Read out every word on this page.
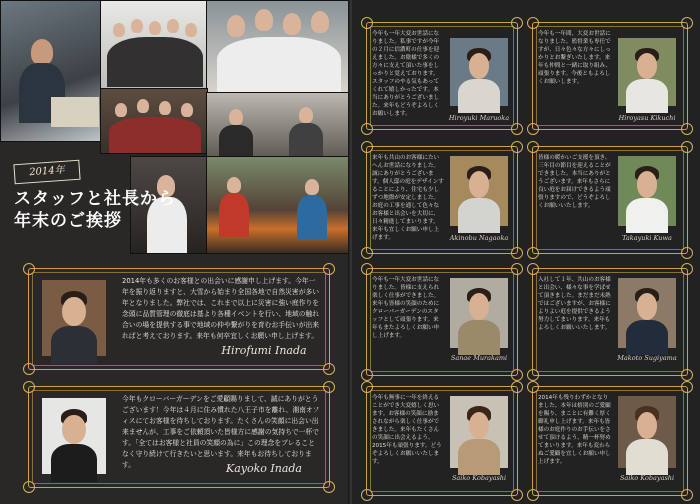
2014年
スタッフと社長から
年末のご挨拶
2014年も多くのお客様との出会いに感謝申し上げます。今年一年を振り返りますと、大雪から始まり全国各地で自然災害が多い年となりました。弊社では、これまで以上に災害に強い庭作りを念頭に品質管理の徹底は基より各種イベントを行い、地域の触れ合いの場を提供する事で地域の仲や繋がりを育むお手伝いが出来ればと考えております。来年も何卒宜しくお願い申し上げます。
Hirofumi Inada
今年もクローバーガーデンをご愛顧賜りまして、誠にありがとうございます！今年は４月に住み慣れた八王子市を離れ、湘南オフィスにてお客様を待ちしております。たくさんの笑顔に出会い出来ませんが、工事をご依頼頂いた皆様方に感謝の気持ちで一杯です。「全てはお客様と社員の笑顔の為に」この理念をブレることなく守り続けて行きたいと思います。来年もお待ちしております。	Kayoko Inada
今年も一年大変お世話になりました。私事ですが今年の２月に信濃町の仕事を迎えました。お陰様で多くの方々に支えて頂いた事をしっかりと覚えております。スタッフのやる気もあってくれて嬉しかったです。本当にありがとうございました。来年もどうぞよろしくお願いします。	Hiroyuki Maruoka
今年も一年間、大変お世話になりました。監督業も専任ですが、日々色々な方々にしっかりとお繋ぎいたします。来年も仲間と一緒に取り組み、頑張ります。今後ともよろしくお願いします。
Hiroyasu Kikuchi
来年も共山のお客様にたいへんお世話になりました。誠にありがとうございます。個人邸の庭をデザインすることにより、住宅も少しずつ地盤が安定しました。お庭の工事を通して色々なお客様と出会いを大切に、日々精進してまいります。来年も宜しくお願い申し上げます。	Akinobu Nagaoka
皆様の暖かいご支援を頂き、三年目の節目を迎えることができました。本当にありがとうございます。来年もさらに良い庭をお届けできるよう頑張りますので、どうぞよろしくお願いいたします。
Takayuki Kuwa
今年も一年大変お世話になりました。皆様に支えられ楽しく仕事ができました。来年も皆様の笑顔のためにクローバーガーデンのスタッフとして頑張ります。来年もまたよろしくお願い申し上げます。
Sanae Murakami
入社して１年、共山のお客様と出会い、様々な事を学ばせて頂きました。まだまだ未熟ではございますが、お客様によりよい庭を提供できるよう努力してまいります。来年もよろしくお願いいたします。
Makoto Sugiyama
今年も無事に一年を終えることができ大変嬉しく思います。お客様の笑顔に励まされながら楽しく仕事ができました。来年もたくさんの笑顔に出会えるよう、2015年も頑張ります。どうぞよろしくお願いいたします。
Saiko Kobayashi
2014年も残りわずかとなりました。本年は格別のご愛顧を賜り、まことに有難く厚く御礼申し上げます。来年も皆様のお庭作りのお手伝いをさせて頂けるよう、精一杯努めてまいります。来年も変わらぬご愛顧を宜しくお願い申し上げます。
Saiko Kobayashi
